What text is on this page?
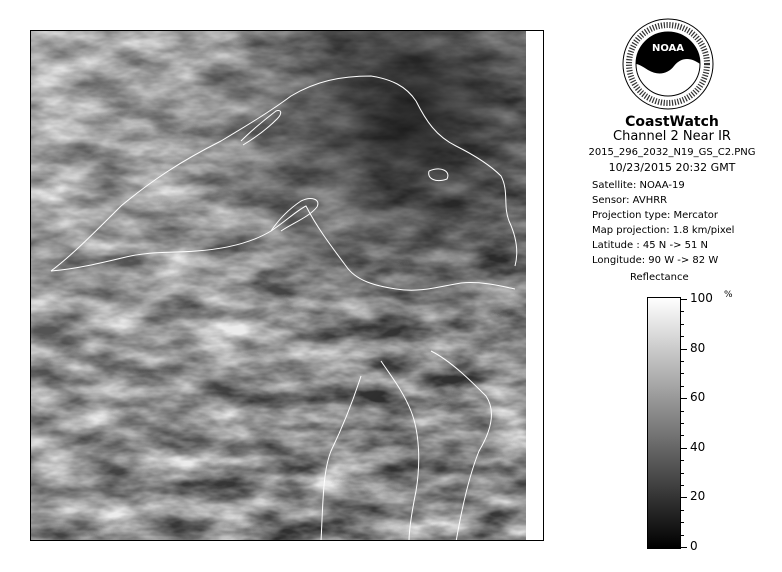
NOAA
CoastWatch
Channel 2 Near IR
2015_296_2032_N19_GS_C2.PNG
10/23/2015 20:32 GMT
Satellite: NOAA-19
Sensor: AVHRR
Projection type: Mercator
Map projection: 1.8 km/pixel
Latitude : 45 N -> 51 N
Longitude: 90 W -> 82 W
Reflectance
%
100
80
60
40
20
0
